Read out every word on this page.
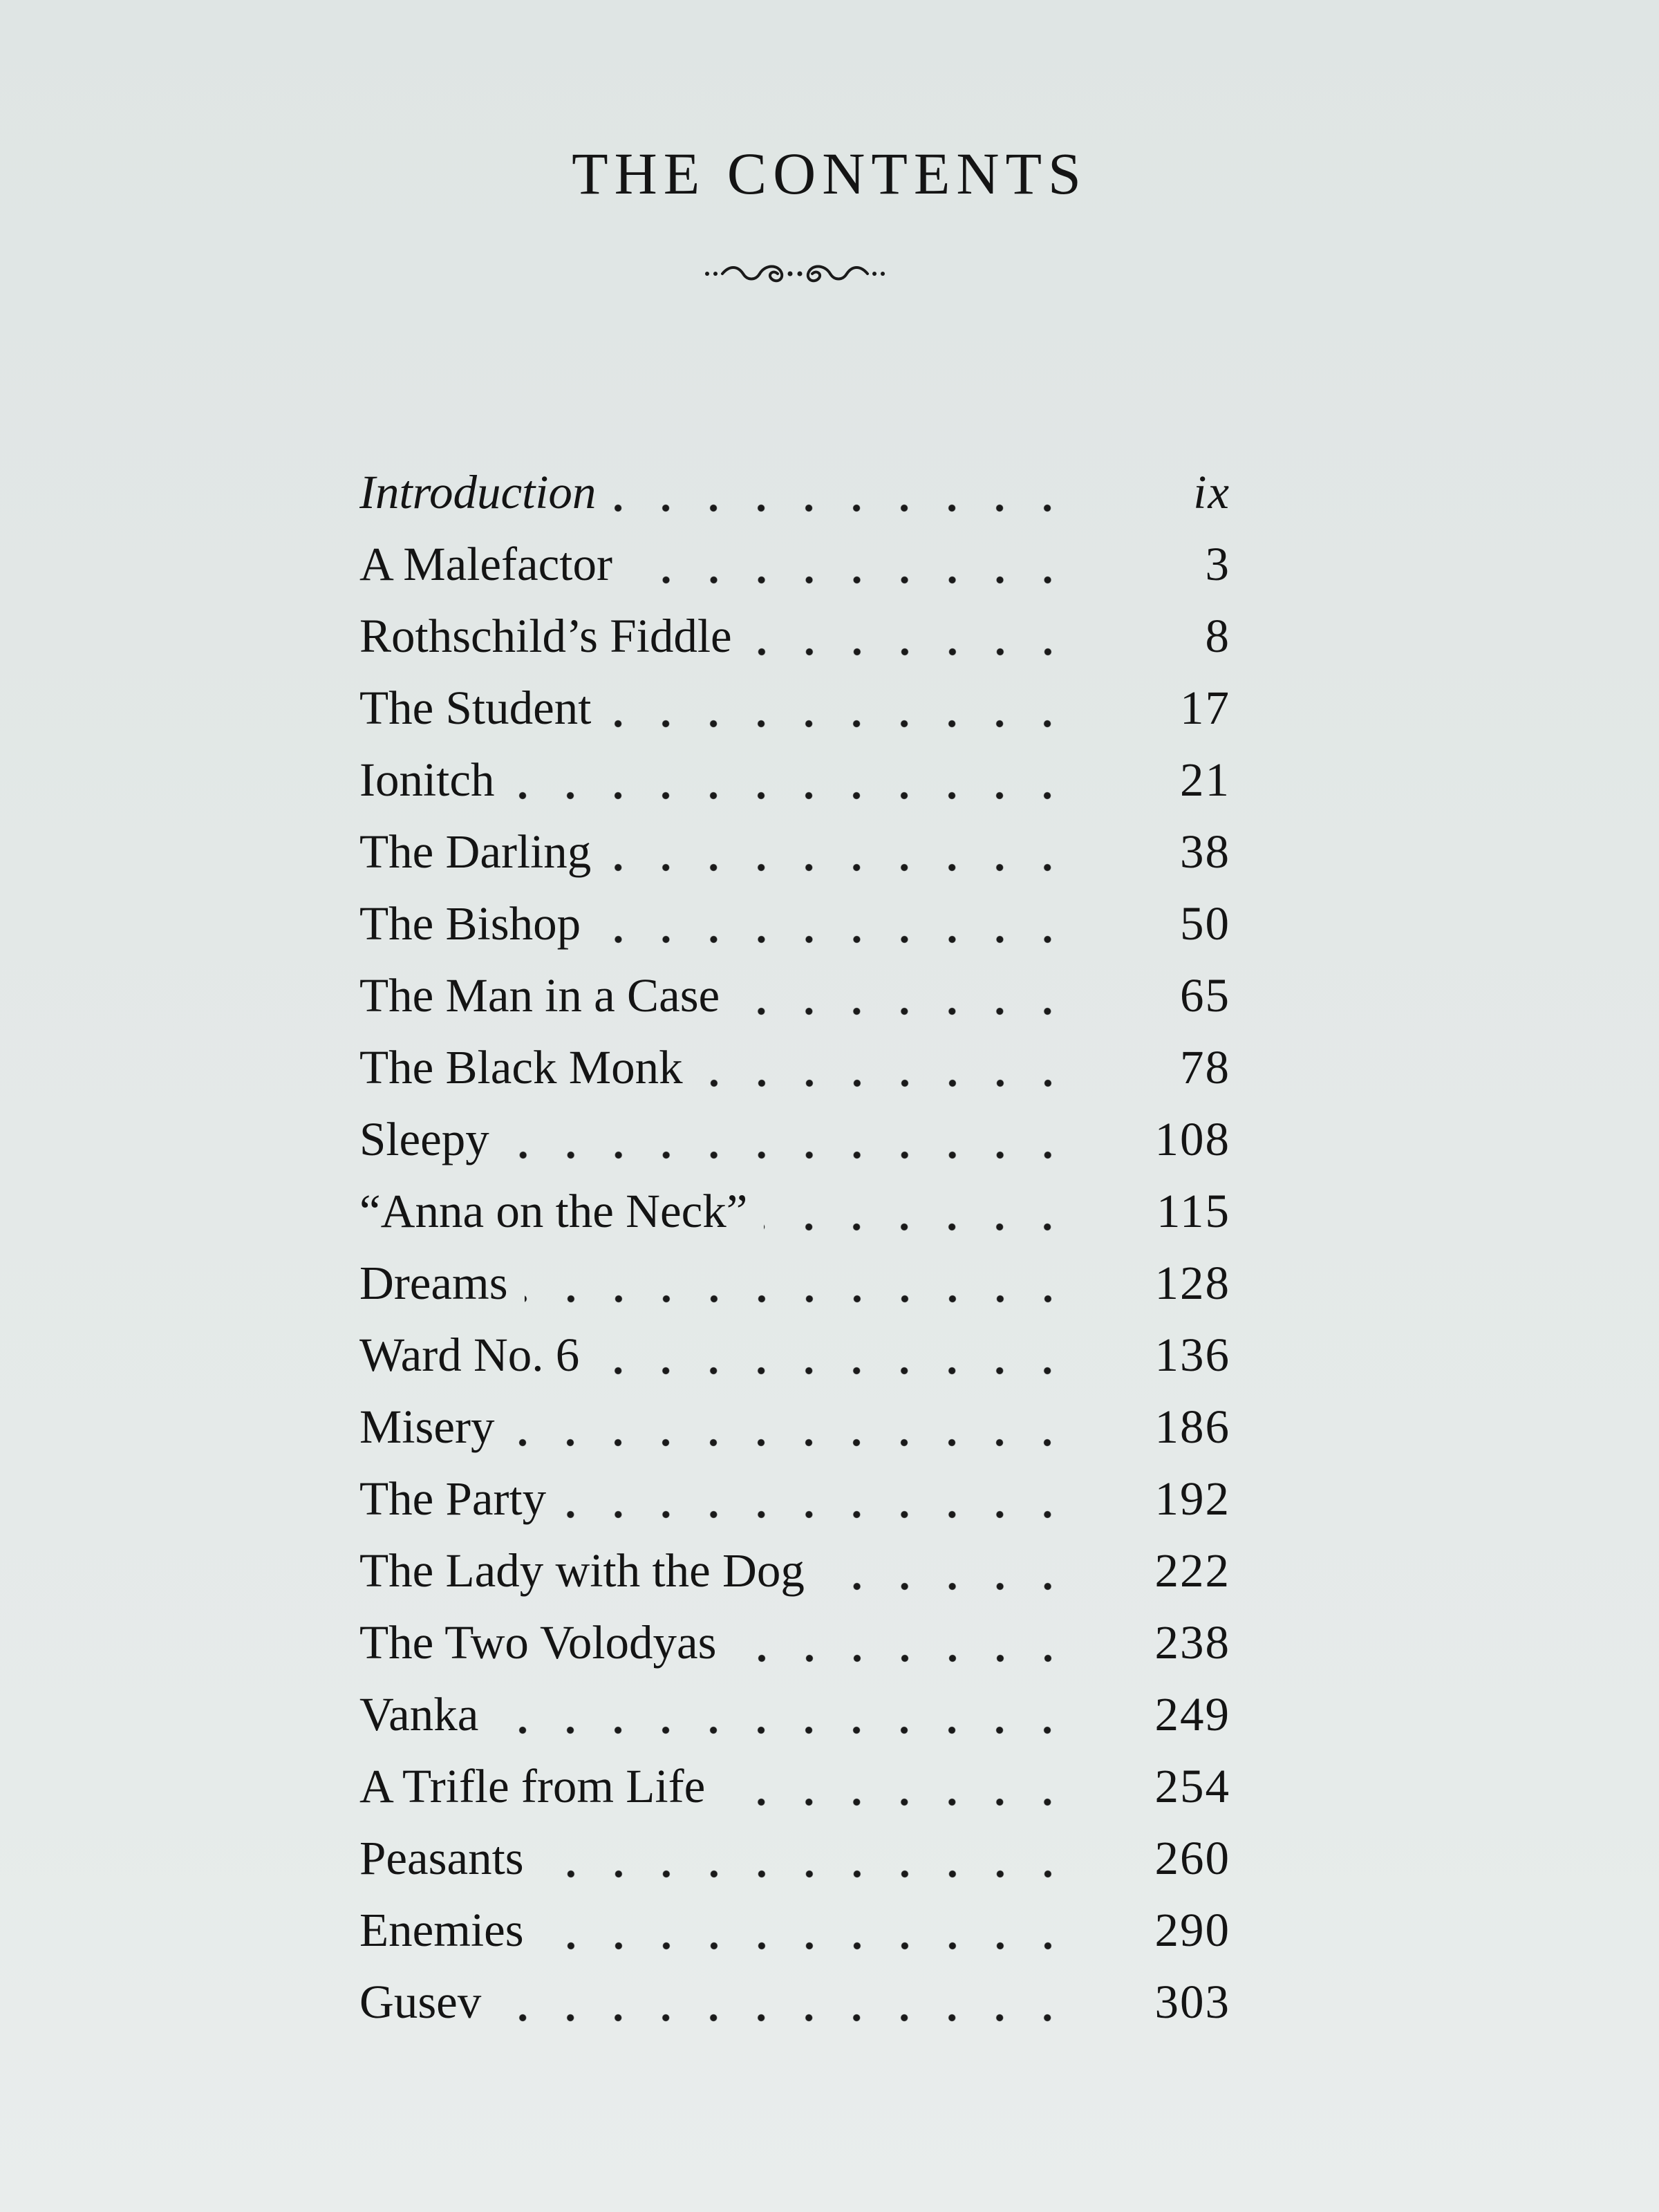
THE CONTENTS
Introduction	ix
A Malefactor	3
Rothschild’s Fiddle	8
The Student	17
Ionitch	21
The Darling	38
The Bishop	50
The Man in a Case	65
The Black Monk	78
Sleepy	108
“Anna on the Neck”	115
Dreams	128
Ward No. 6	136
Misery	186
The Party	192
The Lady with the Dog	222
The Two Volodyas	238
Vanka	249
A Trifle from Life	254
Peasants	260
Enemies	290
Gusev	303
